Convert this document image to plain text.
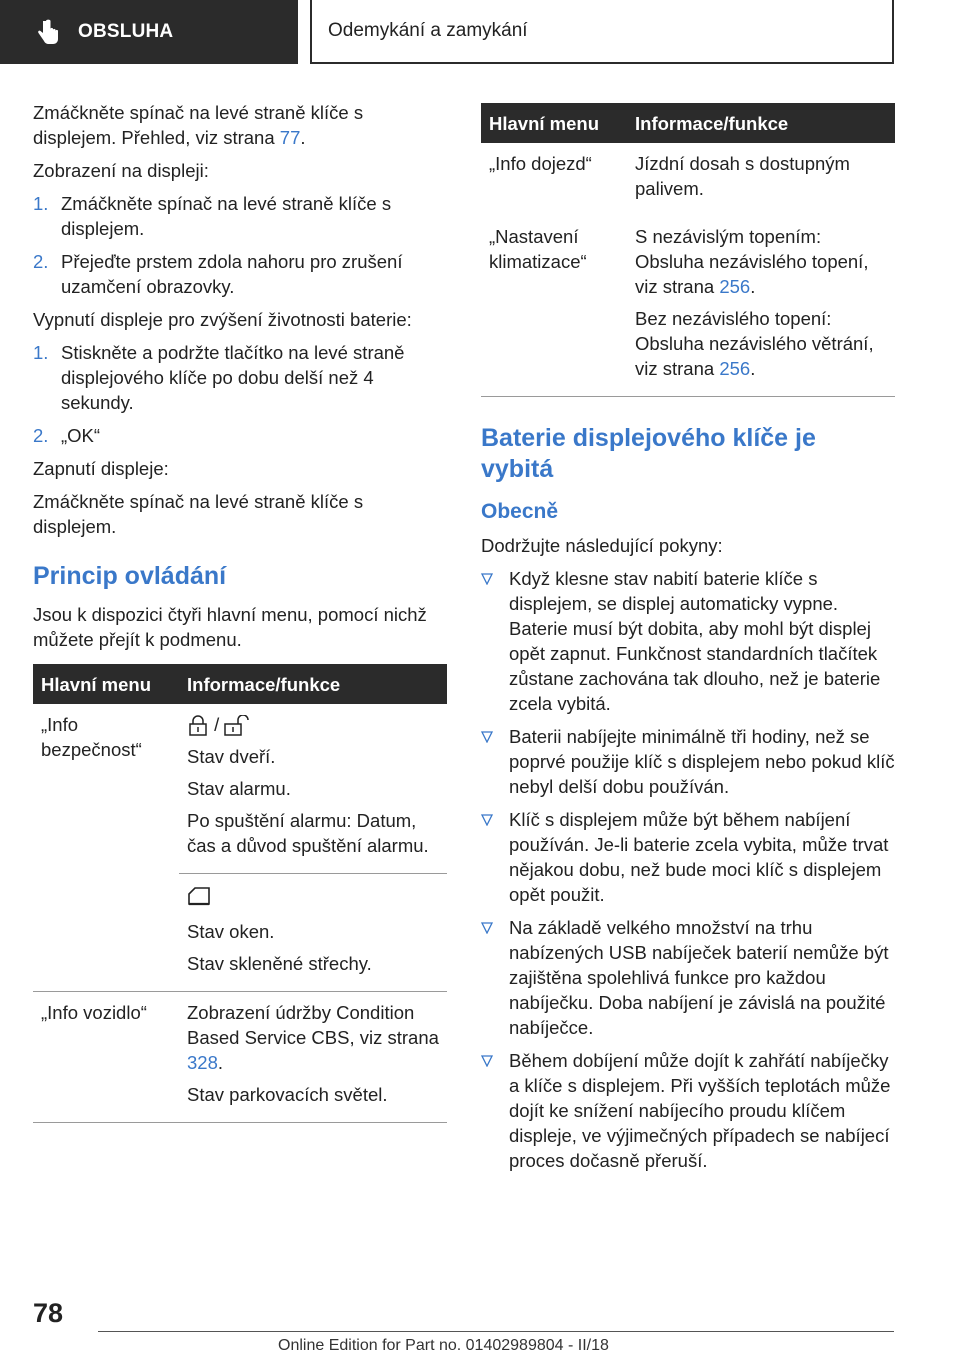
OBSLUHA	Odemykání a zamykání

Zmáčkněte spínač na levé straně klíče s displejem. Přehled, viz strana 77.

Zobrazení na displeji:

1. Zmáčkněte spínač na levé straně klíče s displejem.
2. Přejeďte prstem zdola nahoru pro zrušení uzamčení obrazovky.

Vypnutí displeje pro zvýšení životnosti baterie:

1. Stiskněte a podržte tlačítko na levé straně displejového klíče po dobu delší než 4 sekundy.
2. „OK“

Zapnutí displeje:

Zmáčkněte spínač na levé straně klíče s displejem.

Princip ovládání

Jsou k dispozici čtyři hlavní menu, pomocí nichž můžete přejít k podmenu.

Hlavní menu	Informace/funkce
„Info bezpečnost“	/

Stav dveří.

Stav alarmu.

Po spuštění alarmu: Datum, čas a důvod spuštění alarmu.

	Stav oken.

Stav skleněné střechy.

„Info vozidlo“	Zobrazení údržby Condition Based Service CBS, viz strana 328.

Stav parkovacích světel.

Hlavní menu	Informace/funkce
„Info dojezd“	Jízdní dosah s dostupným palivem.

„Nastavení klimatizace“	S nezávislým topením: Obsluha nezávislého topení, viz strana 256.

Bez nezávislého topení: Obsluha nezávislého větrání, viz strana 256.

Baterie displejového klíče je vybitá
Obecně

Dodržujte následující pokyny:

Když klesne stav nabití baterie klíče s displejem, se displej automaticky vypne. Baterie musí být dobita, aby mohl být displej opět zapnut. Funkčnost standardních tlačítek zůstane zachována tak dlouho, než je baterie zcela vybitá.
Baterii nabíjejte minimálně tři hodiny, než se poprvé použije klíč s displejem nebo pokud klíč nebyl delší dobu používán.
Klíč s displejem může být během nabíjení používán. Je-li baterie zcela vybita, může trvat nějakou dobu, než bude moci klíč s displejem opět použit.
Na základě velkého množství na trhu nabízených USB nabíječek baterií nemůže být zajištěna spolehlivá funkce pro každou nabíječku. Doba nabíjení je závislá na použité nabíječce.
Během dobíjení může dojít k zahřátí nabíječky a klíče s displejem. Při vyšších teplotách může dojít ke snížení nabíjecího proudu klíčem displeje, ve výjimečných případech se nabíjecí proces dočasně přeruší.
78
Online Edition for Part no. 01402989804 - II/18
